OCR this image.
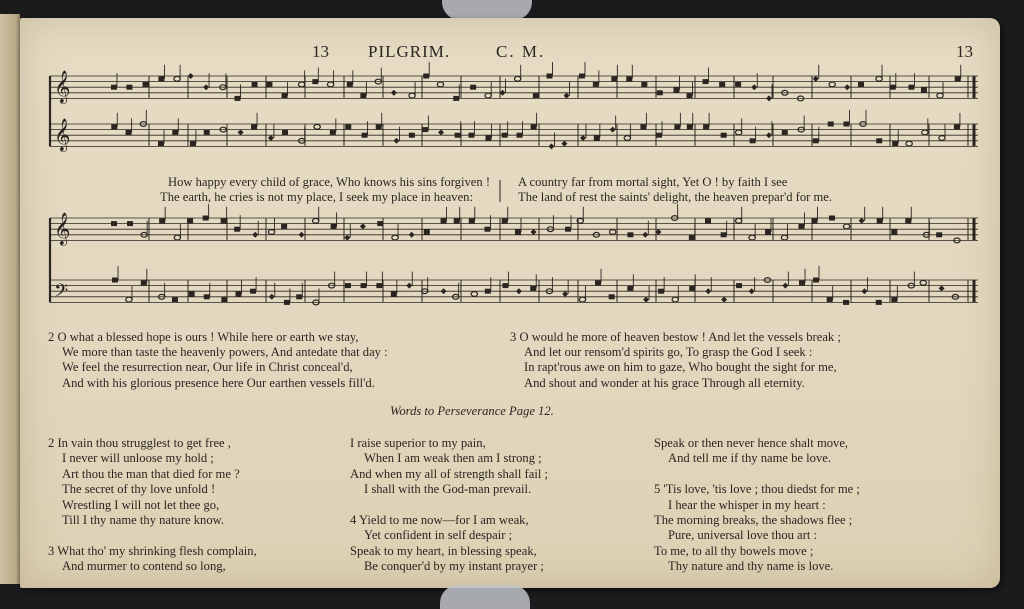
13 PILGRIM.	C. M.	13
𝄞
𝄞
𝄞
𝄢
How happy every child of grace, Who knows his sins forgiven !
The earth, he cries is not my place, I seek my place in heaven:
A country far from mortal sight, Yet O ! by faith I see
The land of rest the saints' delight, the heaven prepar'd for me.
2 O what a blessed hope is ours ! While here or earth we stay,
We more than taste the heavenly powers, And antedate that day :
We feel the resurrection near, Our life in Christ conceal'd,
And with his glorious presence here Our earthen vessels fill'd.
3 O would he more of heaven bestow ! And let the vessels break ;
And let our rensom'd spirits go, To grasp the God I seek :
In rapt'rous awe on him to gaze, Who bought the sight for me,
And shout and wonder at his grace Through all eternity.
Words to Perseverance Page 12.
2 In vain thou strugglest to get free ,
I never will unloose my hold ;
Art thou the man that died for me ?
The secret of thy love unfold !
Wrestling I will not let thee go,
Till I thy name thy nature know.

3 What tho' my shrinking flesh complain,
And murmer to contend so long,
I raise superior to my pain,
When I am weak then am I strong ;
And when my all of strength shall fail ;
I shall with the God-man prevail.

4 Yield to me now—for I am weak,
Yet confident in self despair ;
Speak to my heart, in blessing speak,
Be conquer'd by my instant prayer ;
Speak or then never hence shalt move,
And tell me if thy name be love.

5 'Tis love, 'tis love ; thou diedst for me ;
I hear the whisper in my heart :
The morning breaks, the shadows flee ;
Pure, universal love thou art :
To me, to all thy bowels move ;
Thy nature and thy name is love.
